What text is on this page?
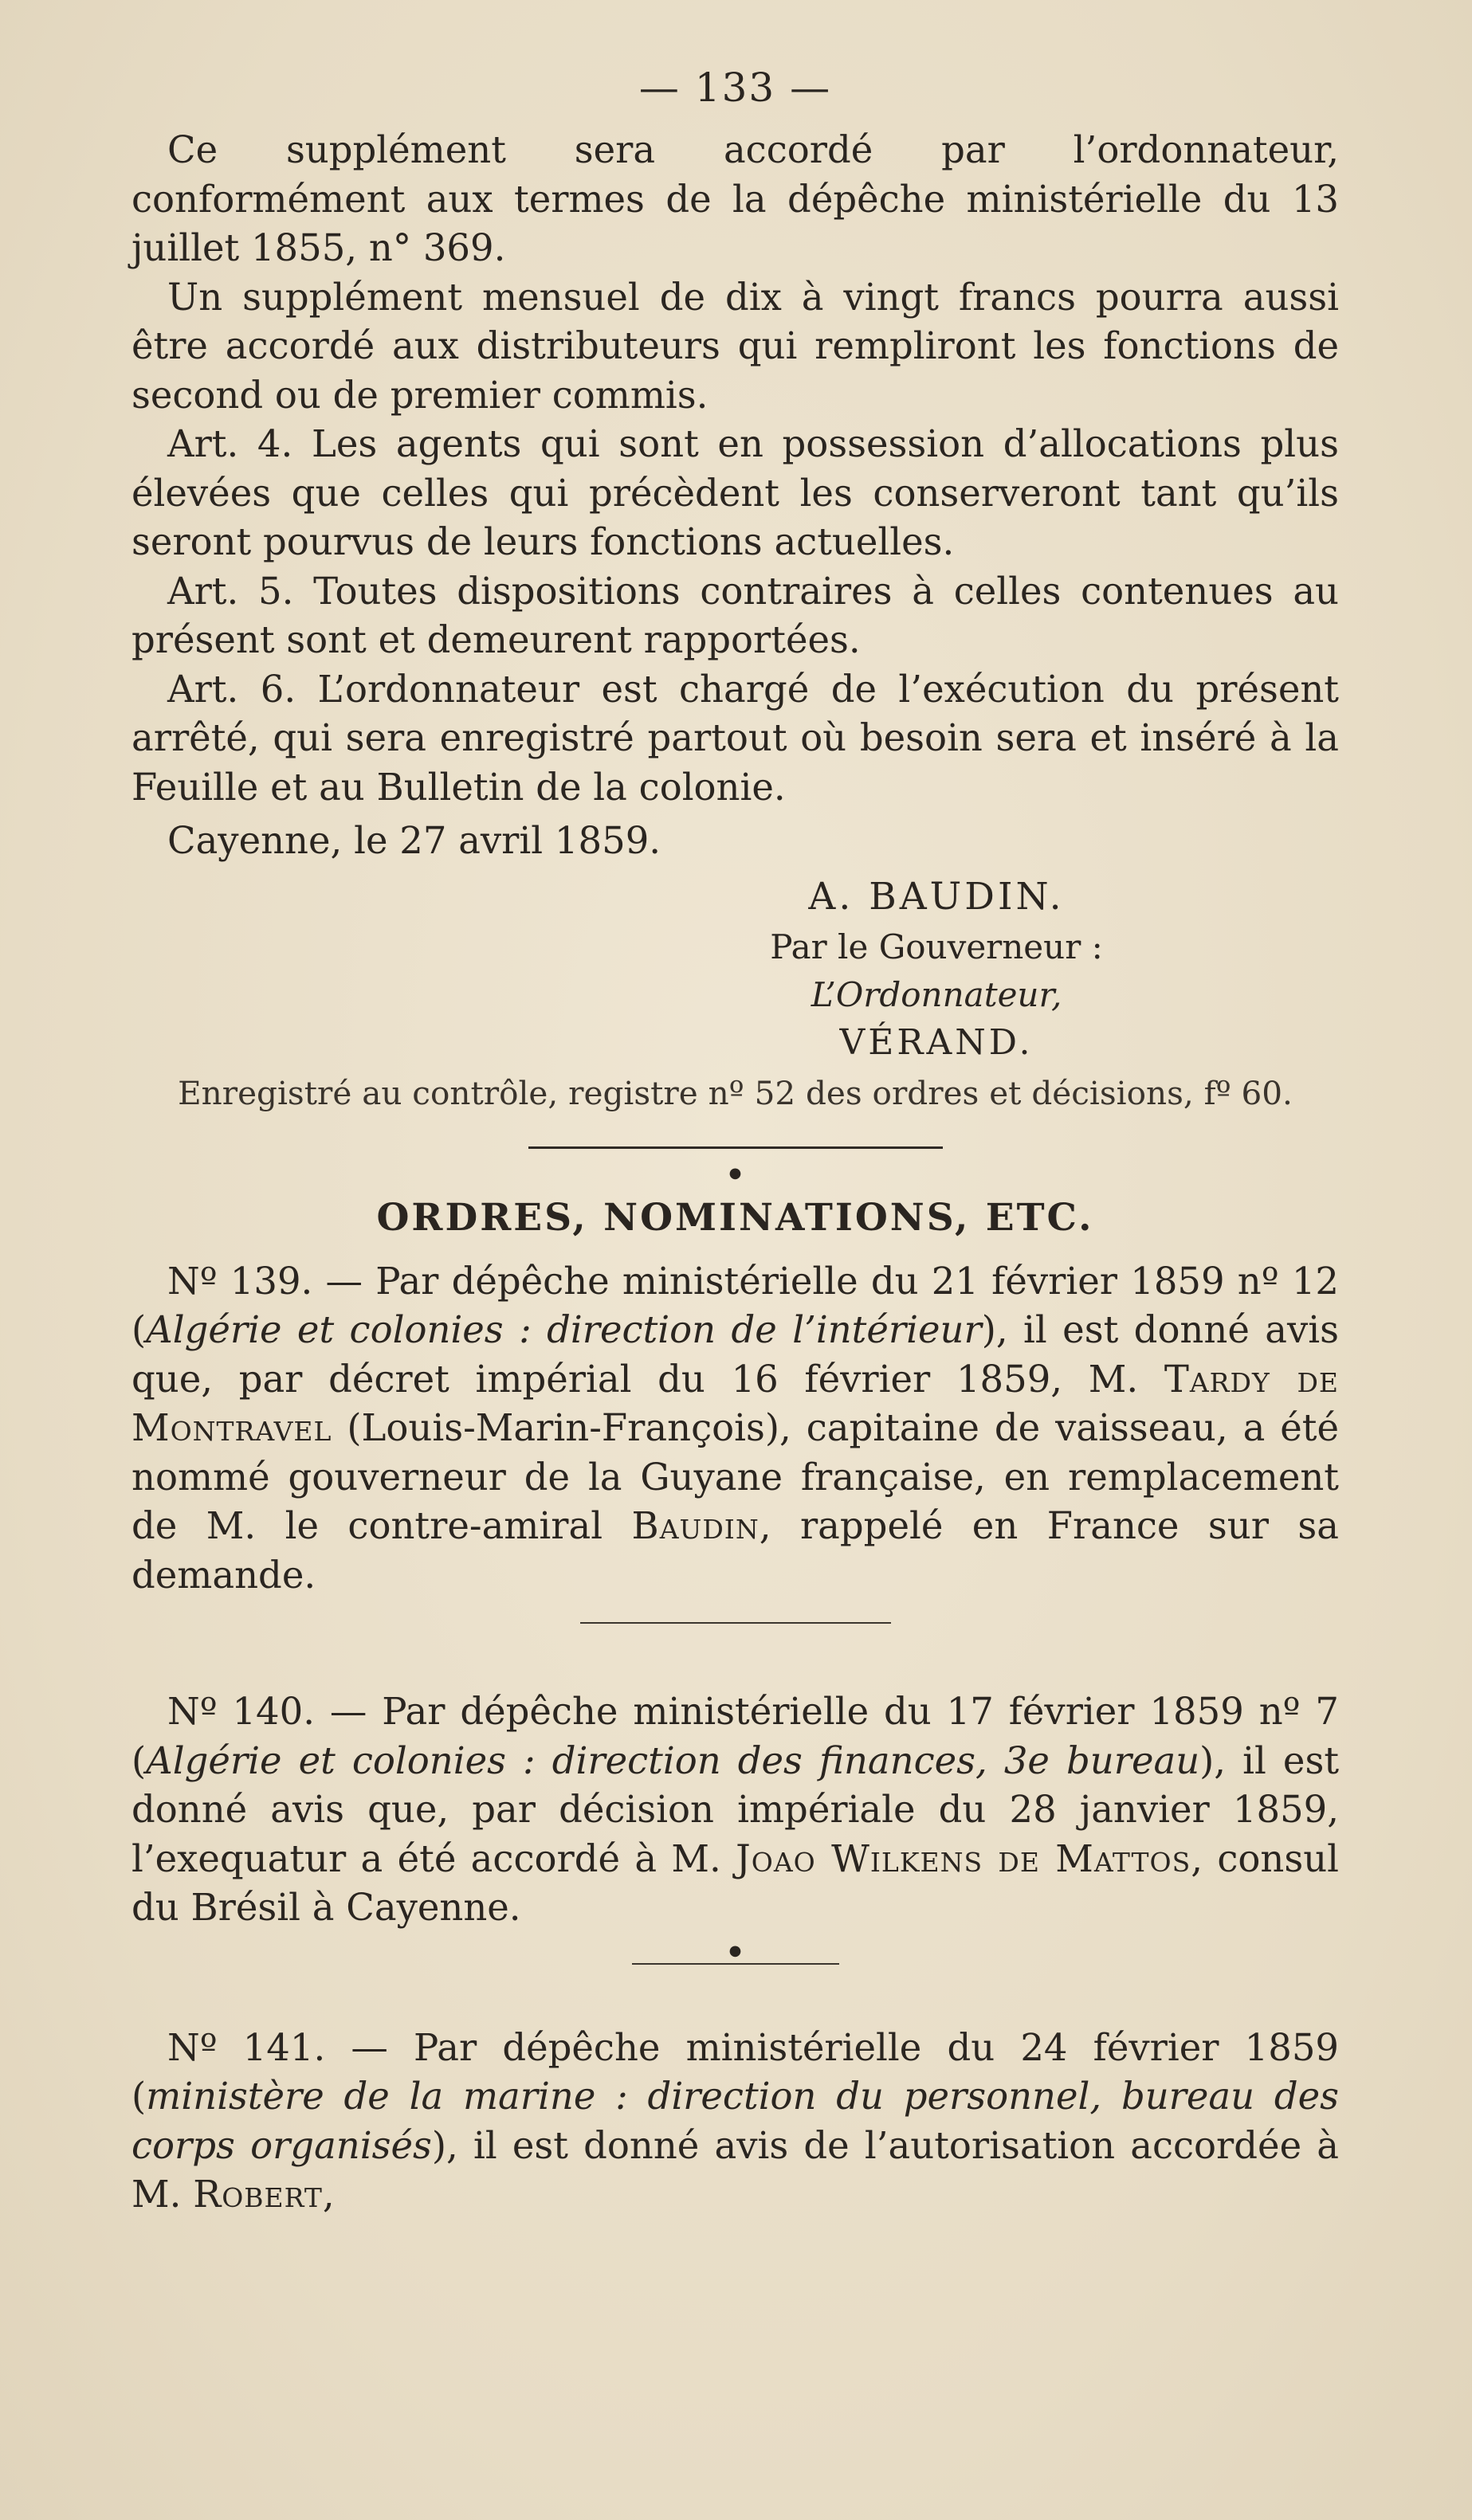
— 133 —

Ce supplément sera accordé par l’ordonnateur, conformément aux termes de la dépêche ministérielle du 13 juillet 1855, n° 369.

Un supplément mensuel de dix à vingt francs pourra aussi être accordé aux distributeurs qui rempliront les fonctions de second ou de premier commis.

Art. 4. Les agents qui sont en possession d’allocations plus élevées que celles qui précèdent les conserveront tant qu’ils seront pourvus de leurs fonctions actuelles.

Art. 5. Toutes dispositions contraires à celles contenues au présent sont et demeurent rapportées.

Art. 6. L’ordonnateur est chargé de l’exécution du présent arrêté, qui sera enregistré partout où besoin sera et inséré à la Feuille et au Bulletin de la colonie.

Cayenne, le 27 avril 1859.

A. BAUDIN.
Par le Gouverneur :
L’Ordonnateur,
VÉRAND.
Enregistré au contrôle, registre nº 52 des ordres et décisions, fº 60.
●
ORDRES, NOMINATIONS, ETC.

Nº 139. — Par dépêche ministérielle du 21 février 1859 nº 12 (Algérie et colonies : direction de l’intérieur), il est donné avis que, par décret impérial du 16 février 1859, M. Tardy de Montravel (Louis-Marin-François), capitaine de vaisseau, a été nommé gouverneur de la Guyane française, en remplacement de M. le contre-amiral Baudin, rappelé en France sur sa demande.

Nº 140. — Par dépêche ministérielle du 17 février 1859 nº 7 (Algérie et colonies : direction des finances, 3e bureau), il est donné avis que, par décision impériale du 28 janvier 1859, l’exequatur a été accordé à M. Joao Wilkens de Mattos, consul du Brésil à Cayenne.

●

Nº 141. — Par dépêche ministérielle du 24 février 1859 (ministère de la marine : direction du personnel, bureau des corps organisés), il est donné avis de l’autorisation accordée à M. Robert,
